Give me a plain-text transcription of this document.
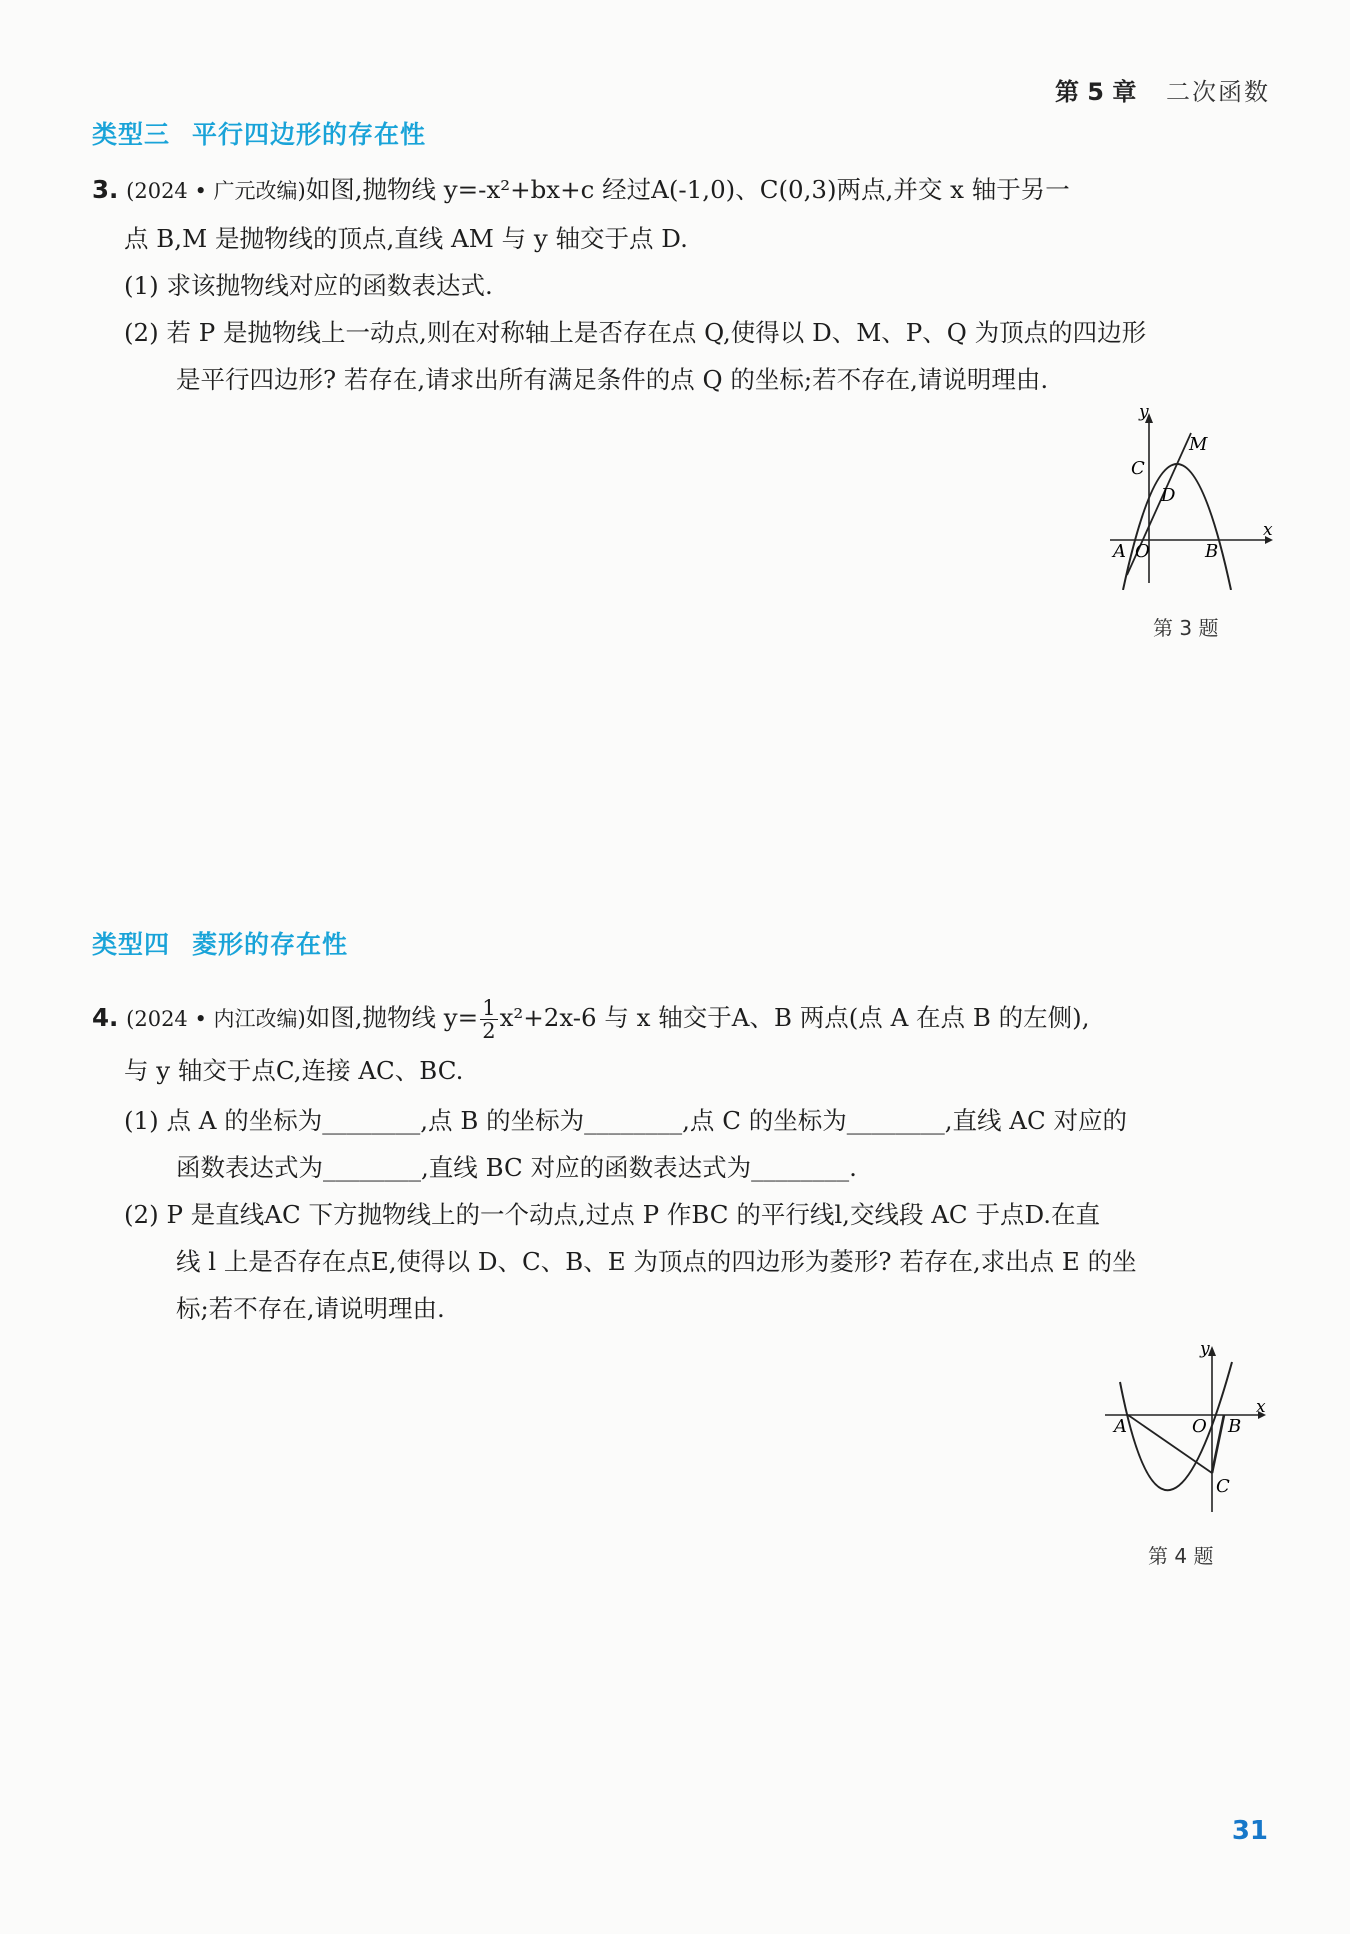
第 5 章 二次函数
类型三 平行四边形的存在性
3. (2024 • 广元改编)如图,抛物线 y=-x²+bx+c 经过A(-1,0)、C(0,3)两点,并交 x 轴于另一
点 B,M 是抛物线的顶点,直线 AM 与 y 轴交于点 D.
(1) 求该抛物线对应的函数表达式.
(2) 若 P 是抛物线上一动点,则在对称轴上是否存在点 Q,使得以 D、M、P、Q 为顶点的四边形
是平行四边形? 若存在,请求出所有满足条件的点 Q 的坐标;若不存在,请说明理由.
y
x
M
C
D
A O	B
第 3 题
类型四 菱形的存在性
4. (2024 • 内江改编)如图,抛物线 $y= \frac{1}{2} x^2+2x-6$ 与 x 轴交于A、B 两点(点 A 在点 B 的左侧),
与 y 轴交于点C,连接 AC、BC.
(1) 点 A 的坐标为________,点 B 的坐标为________,点 C 的坐标为________,直线 AC 对应的
函数表达式为________,直线 BC 对应的函数表达式为________.
(2) P 是直线AC 下方抛物线上的一个动点,过点 P 作BC 的平行线l,交线段 AC 于点D.在直
线 l 上是否存在点E,使得以 D、C、B、E 为顶点的四边形为菱形? 若存在,求出点 E 的坐
标;若不存在,请说明理由.
y
x
A	O B
C
第 4 题
31
